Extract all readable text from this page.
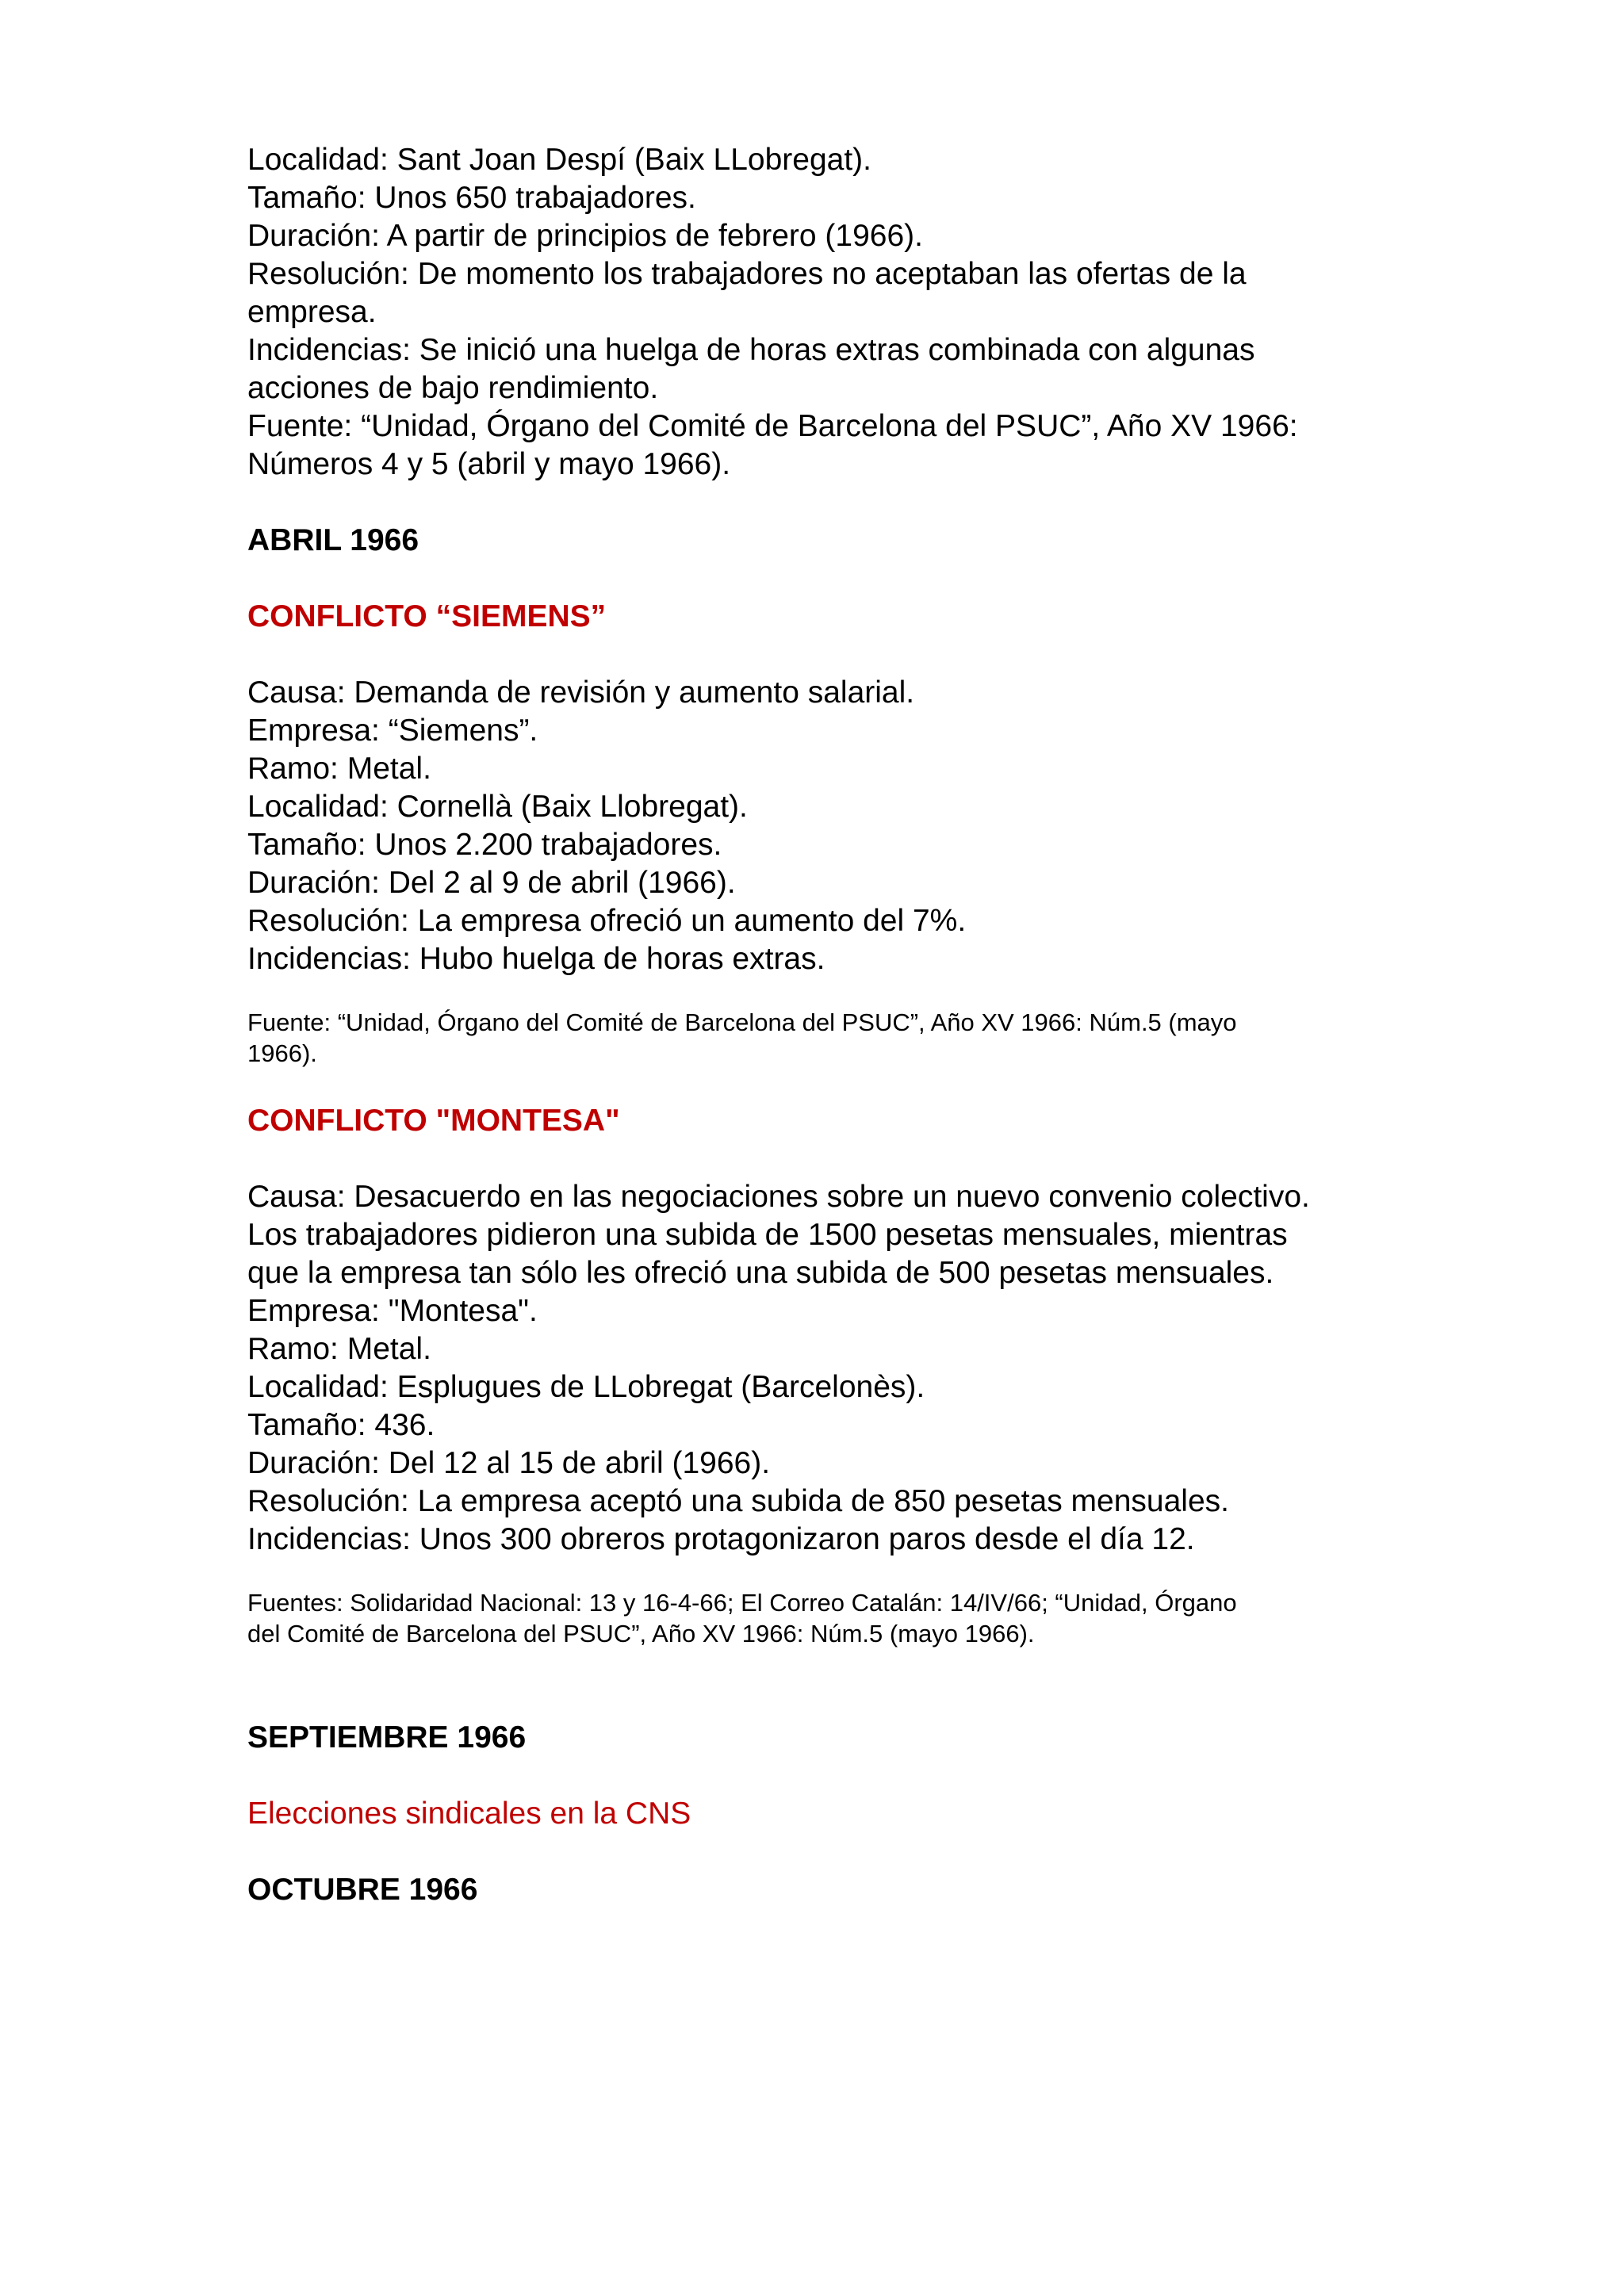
Localidad: Sant Joan Despí (Baix LLobregat).

Tamaño: Unos 650 trabajadores.

Duración: A partir de principios de febrero (1966).

Resolución: De momento los trabajadores no aceptaban las ofertas de la

empresa.

Incidencias: Se inició una huelga de horas extras combinada con algunas

acciones de bajo rendimiento.

Fuente: “Unidad, Órgano del Comité de Barcelona del PSUC”, Año XV 1966:

Números 4 y 5 (abril y mayo 1966).

ABRIL 1966
CONFLICTO “SIEMENS”

Causa: Demanda de revisión y aumento salarial.

Empresa: “Siemens”.

Ramo: Metal.

Localidad: Cornellà (Baix Llobregat).

Tamaño: Unos 2.200 trabajadores.

Duración: Del 2 al 9 de abril (1966).

Resolución: La empresa ofreció un aumento del 7%.

Incidencias: Hubo huelga de horas extras.

Fuente: “Unidad, Órgano del Comité de Barcelona del PSUC”, Año XV 1966: Núm.5 (mayo

1966).

CONFLICTO "MONTESA"

Causa: Desacuerdo en las negociaciones sobre un nuevo convenio colectivo.

Los trabajadores pidieron una subida de 1500 pesetas mensuales, mientras

que la empresa tan sólo les ofreció una subida de 500 pesetas mensuales.

Empresa: "Montesa".

Ramo: Metal.

Localidad: Esplugues de LLobregat (Barcelonès).

Tamaño: 436.

Duración: Del 12 al 15 de abril (1966).

Resolución: La empresa aceptó una subida de 850 pesetas mensuales.

Incidencias: Unos 300 obreros protagonizaron paros desde el día 12.

Fuentes: Solidaridad Nacional: 13 y 16-4-66; El Correo Catalán: 14/IV/66; “Unidad, Órgano

del Comité de Barcelona del PSUC”, Año XV 1966: Núm.5 (mayo 1966).

SEPTIEMBRE 1966

Elecciones sindicales en la CNS

OCTUBRE 1966
